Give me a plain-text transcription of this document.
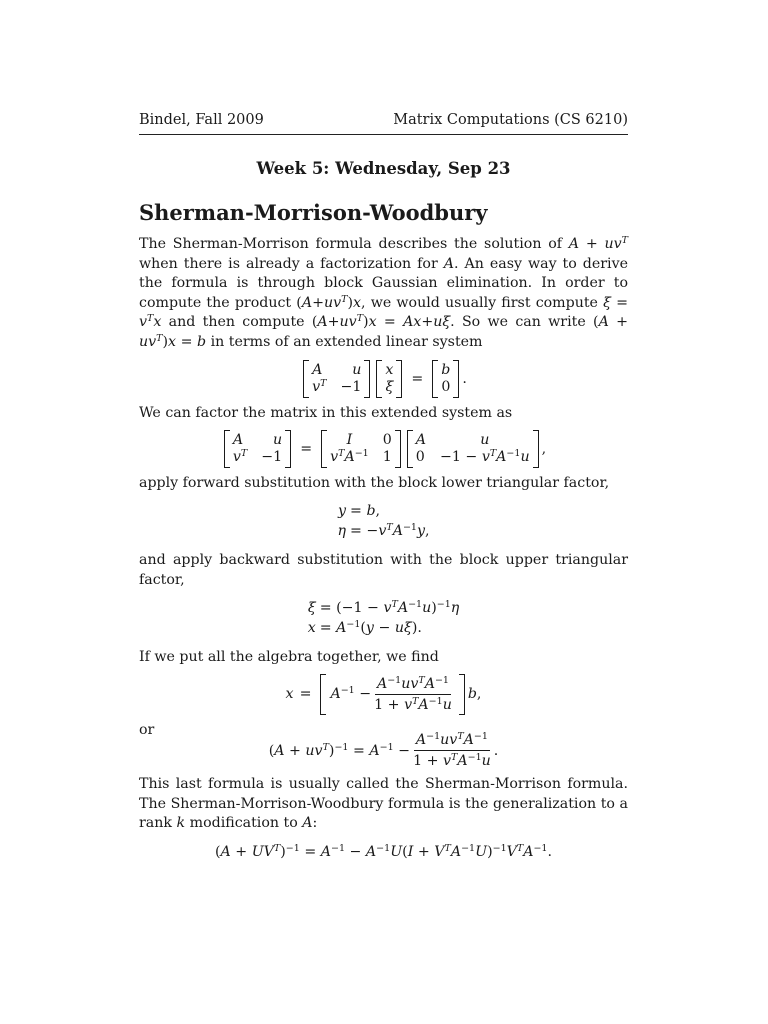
Bindel, Fall 2009	Matrix Computations (CS 6210)
Week 5: Wednesday, Sep 23
Sherman-Morrison-Woodbury

The Sherman-Morrison formula describes the solution of $A + uv^T$ when there is already a factorization for A. An easy way to derive the formula is through block Gaussian elimination. In order to compute the product $(A+uv^T)x$, we would usually first compute $\xi = v^Tx$ and then compute $(A+uv^T)x = Ax+u\xi$. So we can write $(A + uv^T)x = b$ in terms of an extended linear system

A	u
$v^T -1$
x
ξ =
b
0 .

We can factor the matrix in this extended system as

A	u
$v^T -1$ =
I	0
$v^TA^{-1}$ 1
A	u
$0 -1 - v^TA^{-1}u$ ,

apply forward substitution with the block lower triangular factor,

y = b,
$\eta = -v^TA^{-1}y$,

and apply backward substitution with the block upper triangular factor,

$\xi = (-1 - v^TA^{-1}u)^{-1}\eta$
$x = A^{-1}(y - u\xi)$.

If we put all the algebra together, we find

$x = A^{-1} - \frac{A^{-1}uv^TA^{-1}}{1 + v^TA^{-1}u} b$,

or

$(A + uv^T)^{-1} = A^{-1} - \frac{A^{-1}uv^TA^{-1}}{1 + v^TA^{-1}u}$ .

This last formula is usually called the Sherman-Morrison formula. The Sherman-Morrison-Woodbury formula is the generalization to a rank k modification to A:

$(A + UV^T)^{-1} = A^{-1} - A^{-1}U(I + V^TA^{-1}U)^{-1}V^TA^{-1}$.
